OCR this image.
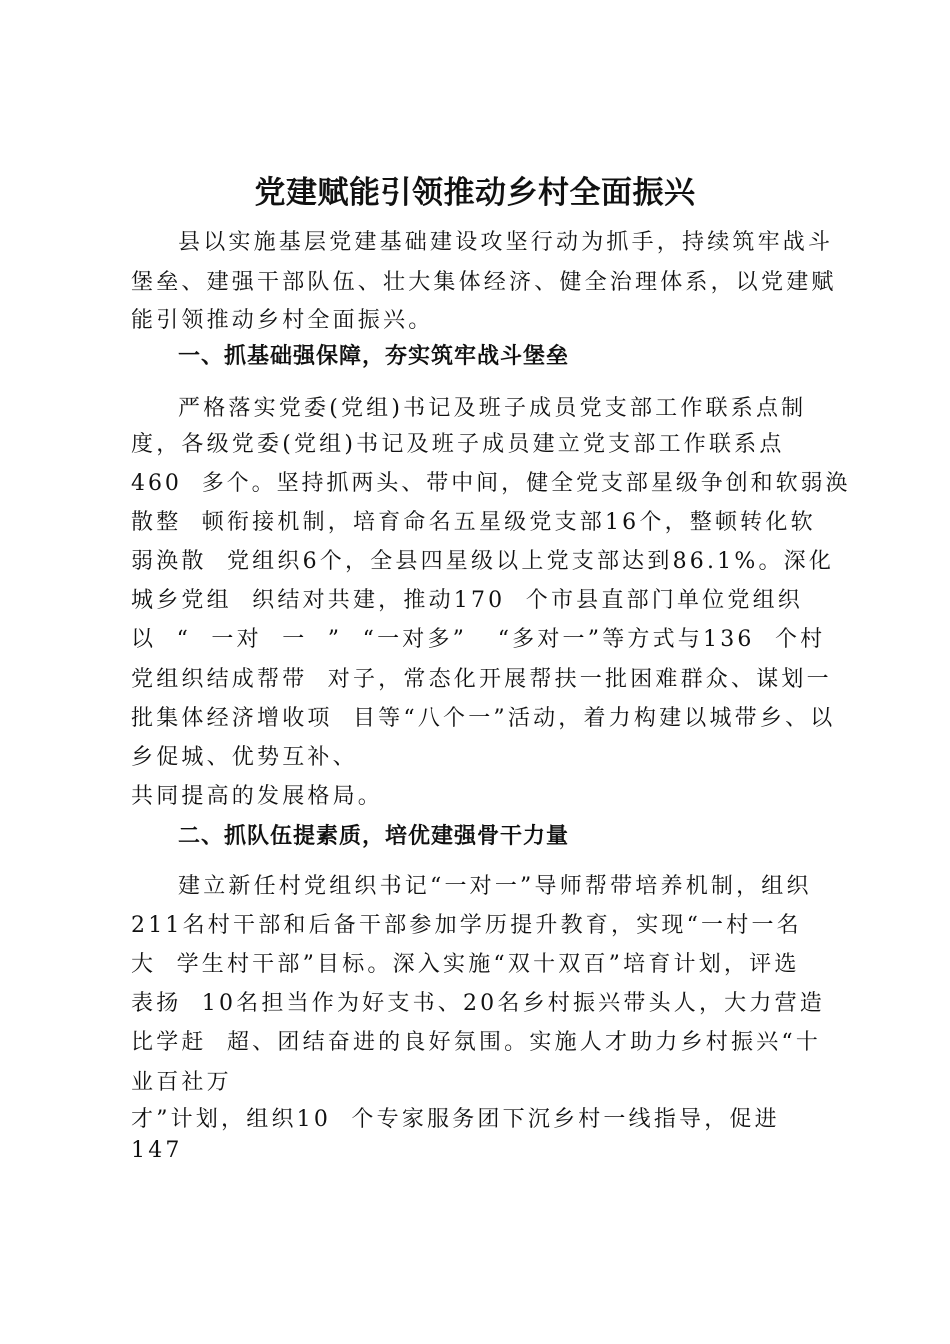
党建赋能引领推动乡村全面振兴
县以实施基层党建基础建设攻坚行动为抓手，持续筑牢战斗
堡垒、建强干部队伍、壮大集体经济、健全治理体系，以党建赋
能引领推动乡村全面振兴。
一、抓基础强保障，夯实筑牢战斗堡垒
严格落实党委(党组)书记及班子成员党支部工作联系点制
度，各级党委(党组)书记及班子成员建立党支部工作联系点
460  多个。坚持抓两头、带中间，健全党支部星级争创和软弱涣
散整  顿衔接机制，培育命名五星级党支部16个，整顿转化软
弱涣散  党组织6个，全县四星级以上党支部达到86.1%。深化
城乡党组  织结对共建，推动170  个市县直部门单位党组织
以  “  一对  一  ”  “一对多”   “多对一”等方式与136  个村
党组织结成帮带  对子，常态化开展帮扶一批困难群众、谋划一
批集体经济增收项  目等“八个一”活动，着力构建以城带乡、以
乡促城、优势互补、
共同提高的发展格局。
二、抓队伍提素质，培优建强骨干力量
建立新任村党组织书记“一对一”导师帮带培养机制，组织
211名村干部和后备干部参加学历提升教育，实现“一村一名
大  学生村干部”目标。深入实施“双十双百”培育计划，评选
表扬  10名担当作为好支书、20名乡村振兴带头人，大力营造
比学赶  超、团结奋进的良好氛围。实施人才助力乡村振兴“十
业百社万
才”计划，组织10  个专家服务团下沉乡村一线指导，促进
147
